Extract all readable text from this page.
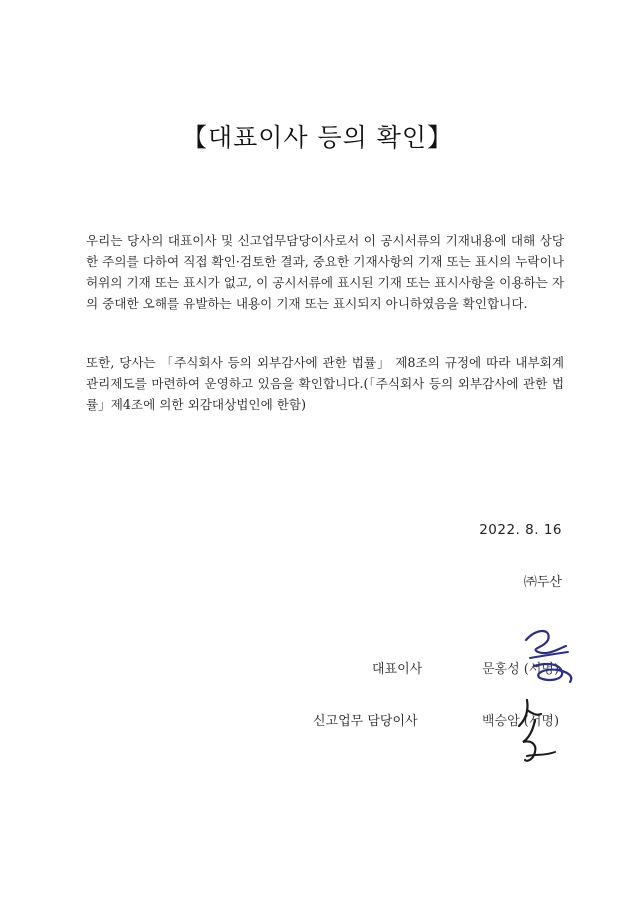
【대표이사 등의 확인】
우리는 당사의 대표이사 및 신고업무담당이사로서 이 공시서류의 기재내용에 대해 상당한 주의를 다하여 직접 확인·검토한 결과, 중요한 기재사항의 기재 또는 표시의 누락이나 허위의 기재 또는 표시가 없고, 이 공시서류에 표시된 기재 또는 표시사항을 이용하는 자의 중대한 오해를 유발하는 내용이 기재 또는 표시되지 아니하였음을 확인합니다.
또한, 당사는 「주식회사 등의 외부감사에 관한 법률」 제8조의 규정에 따라 내부회계관리제도를 마련하여 운영하고 있음을 확인합니다.(「주식회사 등의 외부감사에 관한 법률」제4조에 의한 외감대상법인에 한함)
2022. 8. 16
㈜두산
대표이사	문홍성 (서명)
신고업무 담당이사	백승암 (서명)
